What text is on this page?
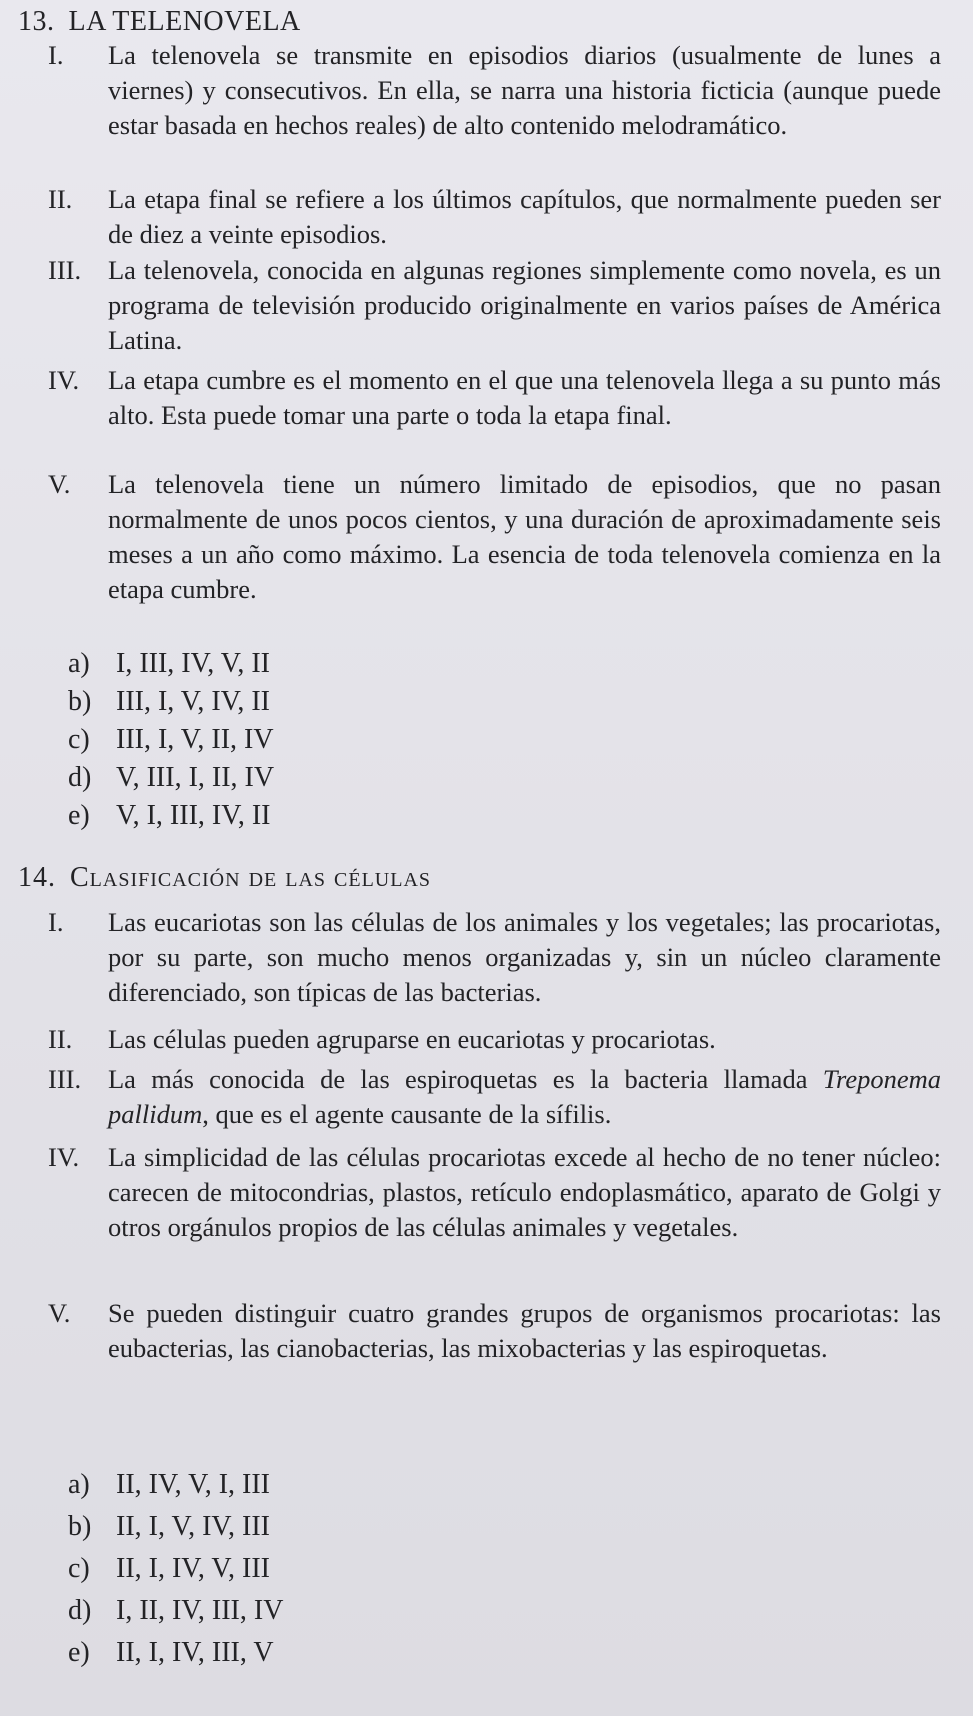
13. LA TELENOVELA
I. La telenovela se transmite en episodios diarios (usualmente de lunes a viernes) y consecutivos. En ella, se narra una historia ficticia (aunque puede estar basada en hechos reales) de alto contenido melodramático.
II. La etapa final se refiere a los últimos capítulos, que normalmente pueden ser de diez a veinte episodios.
III. La telenovela, conocida en algunas regiones simplemente como novela, es un programa de televisión producido originalmente en varios países de América Latina.
IV. La etapa cumbre es el momento en el que una telenovela llega a su punto más alto. Esta puede tomar una parte o toda la etapa final.
V. La telenovela tiene un número limitado de episodios, que no pasan normalmente de unos pocos cientos, y una duración de aproximadamente seis meses a un año como máximo. La esencia de toda telenovela comienza en la etapa cumbre.
a) I, III, IV, V, II
b) III, I, V, IV, II
c) III, I, V, II, IV
d) V, III, I, II, IV
e) V, I, III, IV, II
14. Clasificación de las células
I. Las eucariotas son las células de los animales y los vegetales; las procariotas, por su parte, son mucho menos organizadas y, sin un núcleo claramente diferenciado, son típicas de las bacterias.
II. Las células pueden agruparse en eucariotas y procariotas.
III. La más conocida de las espiroquetas es la bacteria llamada Treponema pallidum, que es el agente causante de la sífilis.
IV. La simplicidad de las células procariotas excede al hecho de no tener núcleo: carecen de mitocondrias, plastos, retículo endoplasmático, aparato de Golgi y otros orgánulos propios de las células animales y vegetales.
V. Se pueden distinguir cuatro grandes grupos de organismos procariotas: las eubacterias, las cianobacterias, las mixobacterias y las espiroquetas.
a) II, IV, V, I, III
b) II, I, V, IV, III
c) II, I, IV, V, III
d) I, II, IV, III, IV
e) II, I, IV, III, V
